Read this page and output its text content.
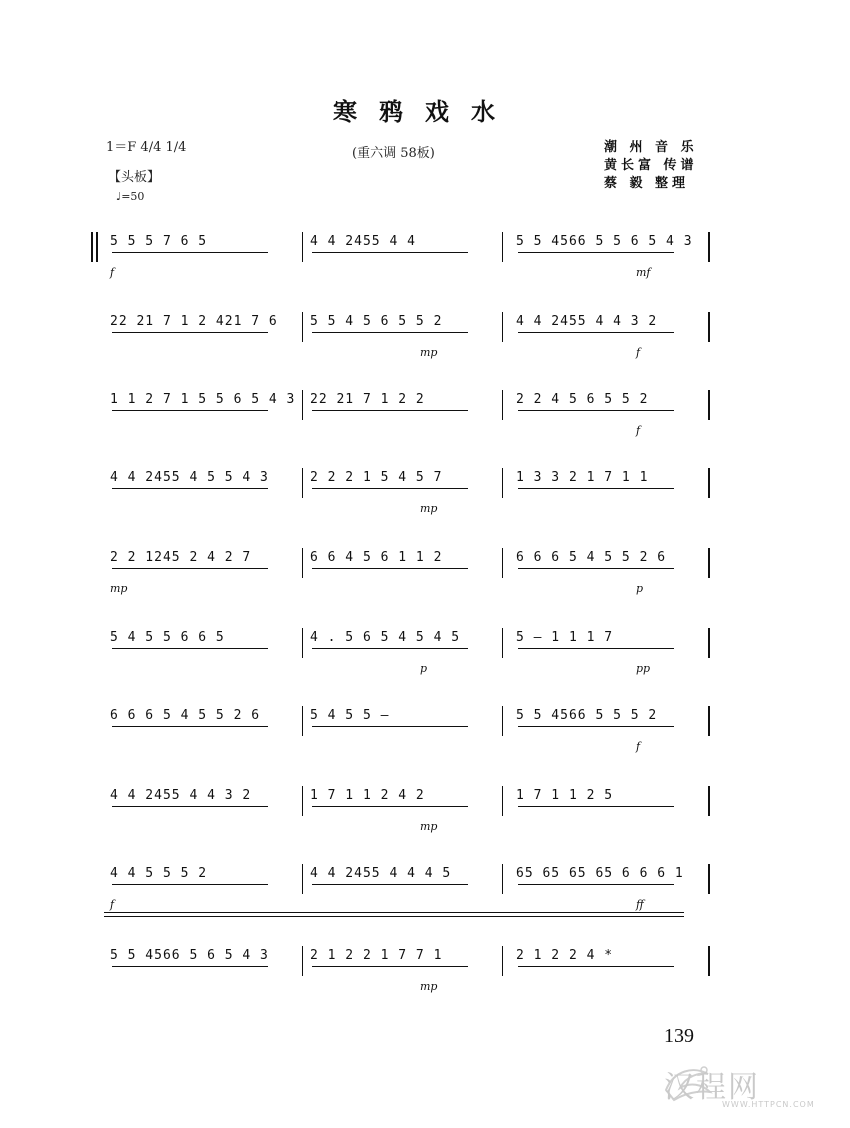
寒鸦戏水
1＝F 4/4 1/4	(重六调 58板)
【头板】
♩=50
潮 州 音 乐
黄长富 传谱
蔡 毅 整理
5 5 5 7 6 5
f
4 4 2455 4 4	5 5 4566 5 5 6 5 4 3
mf
22 21 7 1 2 421 7 6	5 5 4 5 6 5 5 2
mp
4 4 2455 4 4 3 2
f
1 1 2 7 1 5 5 6 5 4 3	22 21 7 1 2 2	2 2 4 5 6 5 5 2
f
4 4 2455 4 5 5 4 3	2 2 2 1 5 4 5 7
mp
1 3 3 2 1 7 1 1
2 2 1245 2 4 2 7
mp
6 6 4 5 6 1 1 2	6 6 6 5 4 5 5 2 6
p
5 4 5 5 6 6 5	4 . 5 6 5 4 5 4 5
p
5 – 1 1 1 7
pp
6 6 6 5 4 5 5 2 6	5 4 5 5 –	5 5 4566 5 5 5 2
f
4 4 2455 4 4 3 2	1 7 1 1 2 4 2
mp
1 7 1 1 2 5
4 4 5 5 5 2
f
4 4 2455 4 4 4 5	65 65 65 65 6 6 6 1
ff
5 5 4566 5 6 5 4 3	2 1 2 2 1 7 7 1
mp
2 1 2 2 4 *
139
汉程网
WWW.HTTPCN.COM
